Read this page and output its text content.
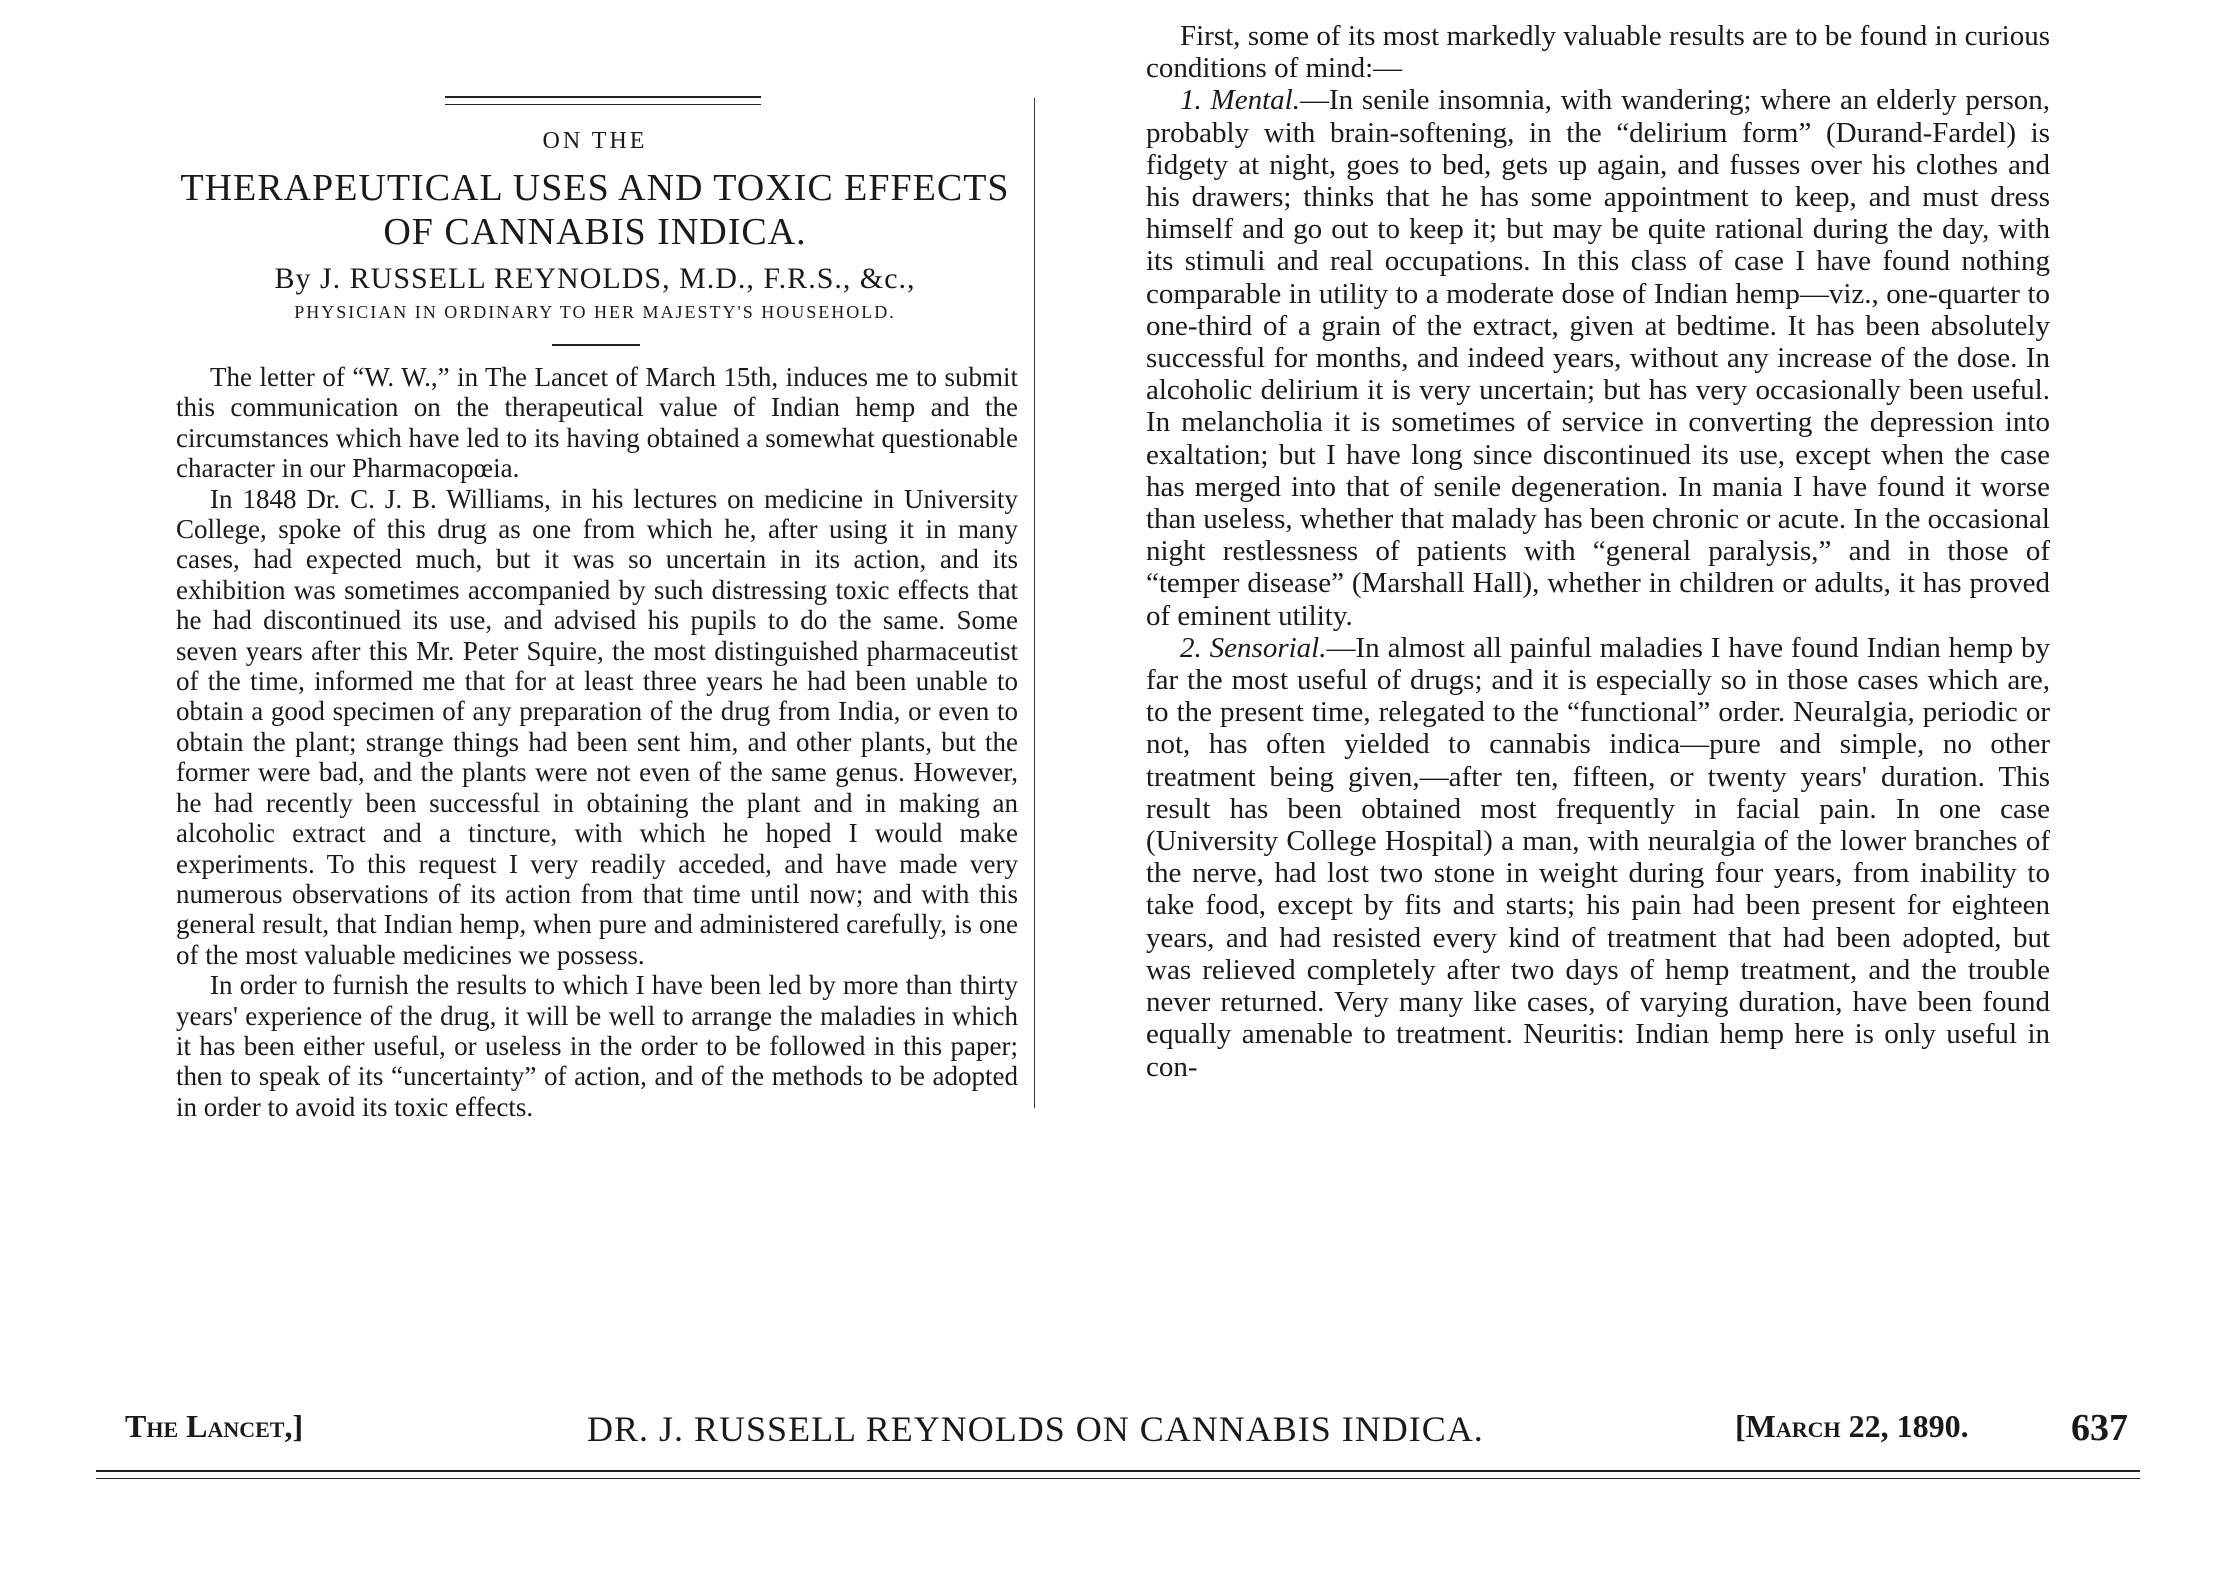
ON THE
THERAPEUTICAL USES AND TOXIC EFFECTS
OF CANNABIS INDICA.
By J. RUSSELL REYNOLDS, M.D., F.R.S., &c.,
PHYSICIAN IN ORDINARY TO HER MAJESTY'S HOUSEHOLD.

The letter of “W. W.,” in The Lancet of March 15th, induces me to submit this communication on the therapeutical value of Indian hemp and the circumstances which have led to its having obtained a somewhat questionable character in our Pharmacopœia.

In 1848 Dr. C. J. B. Williams, in his lectures on medicine in University College, spoke of this drug as one from which he, after using it in many cases, had expected much, but it was so uncertain in its action, and its exhibition was sometimes accompanied by such distressing toxic effects that he had discontinued its use, and advised his pupils to do the same. Some seven years after this Mr. Peter Squire, the most distinguished pharmaceutist of the time, informed me that for at least three years he had been unable to obtain a good specimen of any preparation of the drug from India, or even to obtain the plant; strange things had been sent him, and other plants, but the former were bad, and the plants were not even of the same genus. However, he had recently been successful in obtaining the plant and in making an alcoholic extract and a tincture, with which he hoped I would make experiments. To this request I very readily acceded, and have made very numerous observations of its action from that time until now; and with this general result, that Indian hemp, when pure and administered carefully, is one of the most valuable medicines we possess.

In order to furnish the results to which I have been led by more than thirty years' experience of the drug, it will be well to arrange the maladies in which it has been either useful, or useless in the order to be followed in this paper; then to speak of its “uncertainty” of action, and of the methods to be adopted in order to avoid its toxic effects.

First, some of its most markedly valuable results are to be found in curious conditions of mind:—

1. Mental.—In senile insomnia, with wandering; where an elderly person, probably with brain-softening, in the “delirium form” (Durand-Fardel) is fidgety at night, goes to bed, gets up again, and fusses over his clothes and his drawers; thinks that he has some appointment to keep, and must dress himself and go out to keep it; but may be quite rational during the day, with its stimuli and real occupations. In this class of case I have found nothing comparable in utility to a moderate dose of Indian hemp—viz., one-quarter to one-third of a grain of the extract, given at bedtime. It has been absolutely successful for months, and indeed years, without any increase of the dose. In alcoholic delirium it is very uncertain; but has very occasionally been useful. In melancholia it is sometimes of service in converting the depression into exaltation; but I have long since discontinued its use, except when the case has merged into that of senile degeneration. In mania I have found it worse than useless, whether that malady has been chronic or acute. In the occasional night restlessness of patients with “general paralysis,” and in those of “temper disease” (Marshall Hall), whether in children or adults, it has proved of eminent utility.

2. Sensorial.—In almost all painful maladies I have found Indian hemp by far the most useful of drugs; and it is especially so in those cases which are, to the present time, relegated to the “functional” order. Neuralgia, periodic or not, has often yielded to cannabis indica—pure and simple, no other treatment being given,—after ten, fifteen, or twenty years' duration. This result has been obtained most frequently in facial pain. In one case (University College Hospital) a man, with neuralgia of the lower branches of the nerve, had lost two stone in weight during four years, from inability to take food, except by fits and starts; his pain had been present for eighteen years, and had resisted every kind of treatment that had been adopted, but was relieved completely after two days of hemp treatment, and the trouble never returned. Very many like cases, of varying duration, have been found equally amenable to treatment. Neuritis: Indian hemp here is only useful in con-

The Lancet,]	DR. J. RUSSELL REYNOLDS ON CANNABIS INDICA.	[March 22, 1890.	637
